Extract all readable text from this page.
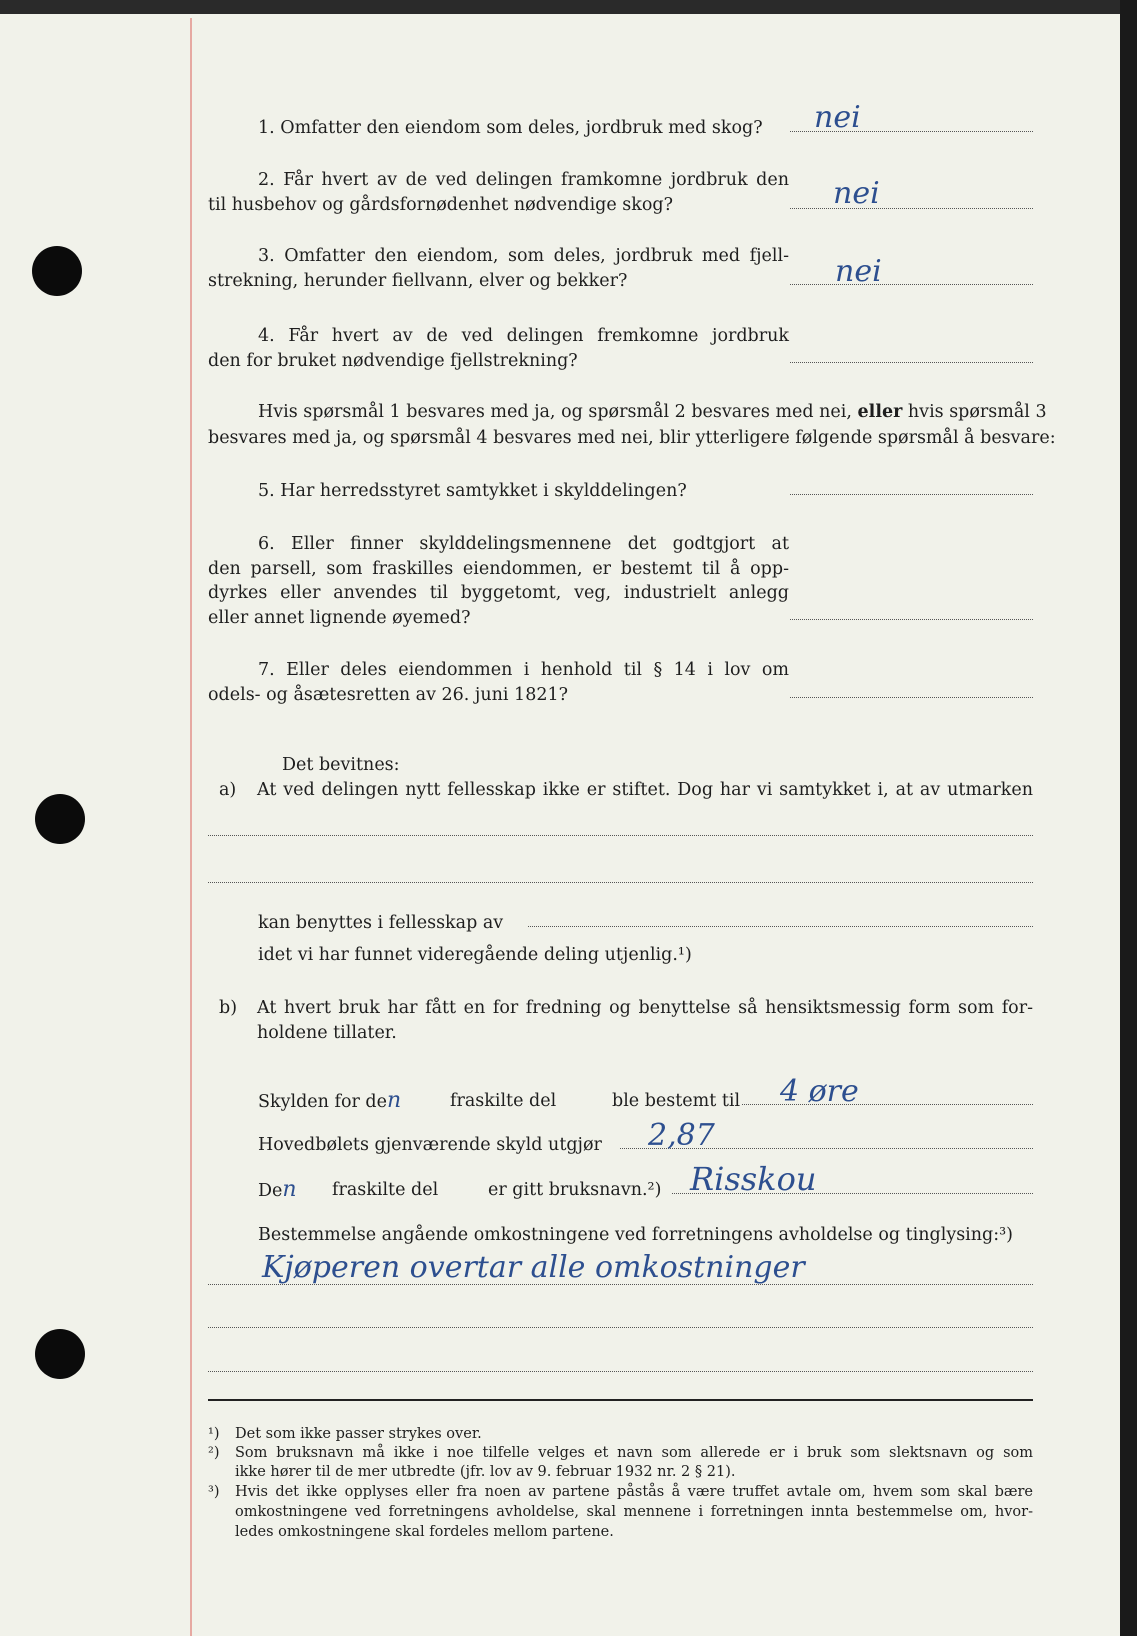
1. Omfatter den eiendom som deles, jordbruk med skog? nei
2. Får hvert av de ved delingen framkomne jordbruk den
til husbehov og gårdsfornødenhet nødvendige skog?	nei
3. Omfatter den eiendom, som deles, jordbruk med fjell-
strekning, herunder fiellvann, elver og bekker?	nei
4. Får hvert av de ved delingen fremkomne jordbruk
den for bruket nødvendige fjellstrekning?
Hvis spørsmål 1 besvares med ja, og spørsmål 2 besvares med nei, eller hvis spørsmål 3
besvares med ja, og spørsmål 4 besvares med nei, blir ytterligere følgende spørsmål å besvare:
5. Har herredsstyret samtykket i skylddelingen?
6. Eller finner skylddelingsmennene det godtgjort at
den parsell, som fraskilles eiendommen, er bestemt til å opp-
dyrkes eller anvendes til byggetomt, veg, industrielt anlegg
eller annet lignende øyemed?
7. Eller deles eiendommen i henhold til § 14 i lov om
odels- og åsætesretten av 26. juni 1821?
Det bevitnes:
a) At ved delingen nytt fellesskap ikke er stiftet. Dog har vi samtykket i, at av utmarken
kan benyttes i fellesskap av
idet vi har funnet videregående deling utjenlig.¹)
b) At hvert bruk har fått en for fredning og benyttelse så hensiktsmessig form som for-
holdene tillater.
Skylden for den	fraskilte del	ble bestemt til 4 øre
Hovedbølets gjenværende skyld utgjør 2,87
Den fraskilte del	er gitt bruksnavn.²) Risskou
Bestemmelse angående omkostningene ved forretningens avholdelse og tinglysing:³)
Kjøperen overtar alle omkostninger
¹) Det som ikke passer strykes over.
²) Som bruksnavn må ikke i noe tilfelle velges et navn som allerede er i bruk som slektsnavn og som
ikke hører til de mer utbredte (jfr. lov av 9. februar 1932 nr. 2 § 21).
³) Hvis det ikke opplyses eller fra noen av partene påstås å være truffet avtale om, hvem som skal bære
omkostningene ved forretningens avholdelse, skal mennene i forretningen innta bestemmelse om, hvor-
ledes omkostningene skal fordeles mellom partene.
